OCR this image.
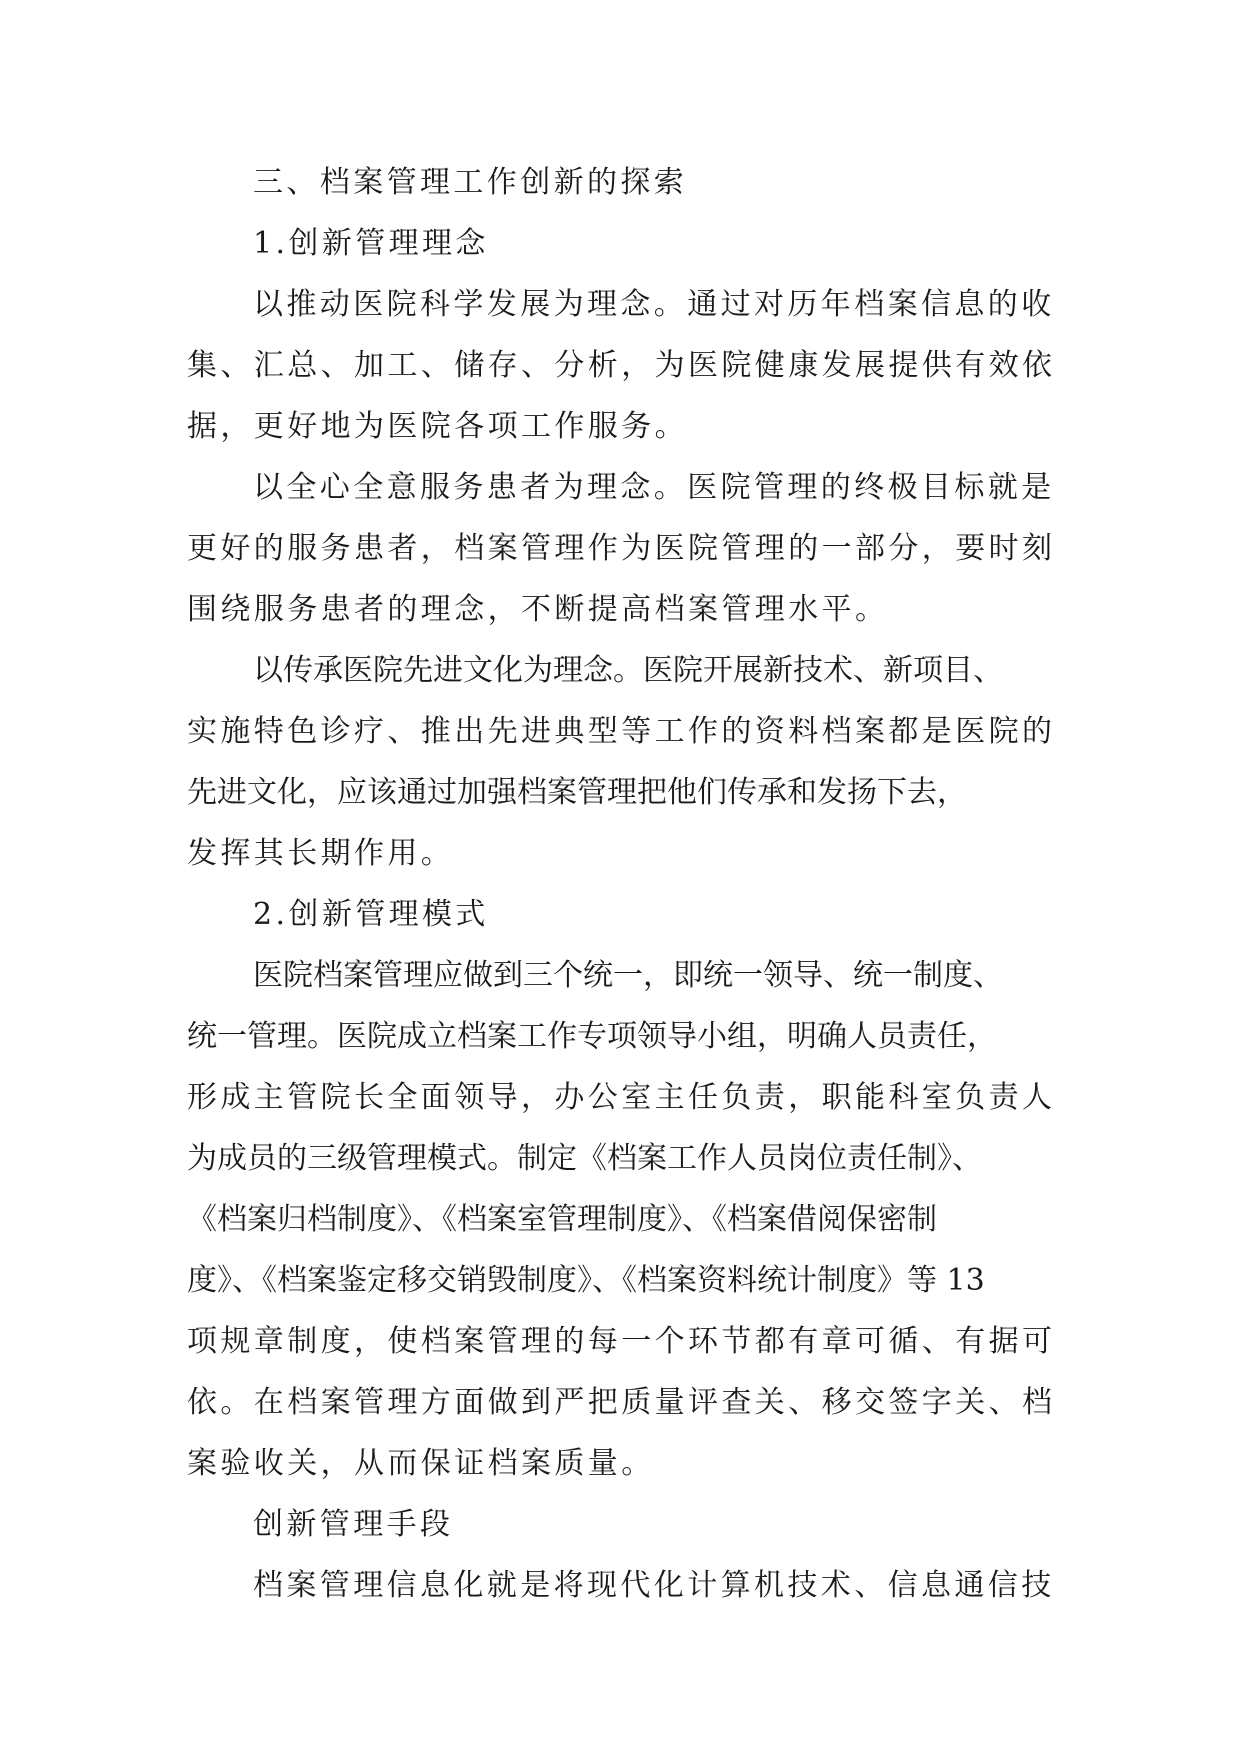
三、档案管理工作创新的探索
1.创新管理理念
以推动医院科学发展为理念。通过对历年档案信息的收
集、汇总、加工、储存、分析，为医院健康发展提供有效依
据，更好地为医院各项工作服务。
以全心全意服务患者为理念。医院管理的终极目标就是
更好的服务患者，档案管理作为医院管理的一部分，要时刻
围绕服务患者的理念，不断提高档案管理水平。
以传承医院先进文化为理念。医院开展新技术、新项目、
实施特色诊疗、推出先进典型等工作的资料档案都是医院的
先进文化，应该通过加强档案管理把他们传承和发扬下去，
发挥其长期作用。
2.创新管理模式
医院档案管理应做到三个统一，即统一领导、统一制度、
统一管理。医院成立档案工作专项领导小组，明确人员责任，
形成主管院长全面领导，办公室主任负责，职能科室负责人
为成员的三级管理模式。制定《档案工作人员岗位责任制》、
《档案归档制度》、《档案室管理制度》、《档案借阅保密制
度》、《档案鉴定移交销毁制度》、《档案资料统计制度》等 13
项规章制度，使档案管理的每一个环节都有章可循、有据可
依。在档案管理方面做到严把质量评查关、移交签字关、档
案验收关，从而保证档案质量。
创新管理手段
档案管理信息化就是将现代化计算机技术、信息通信技
